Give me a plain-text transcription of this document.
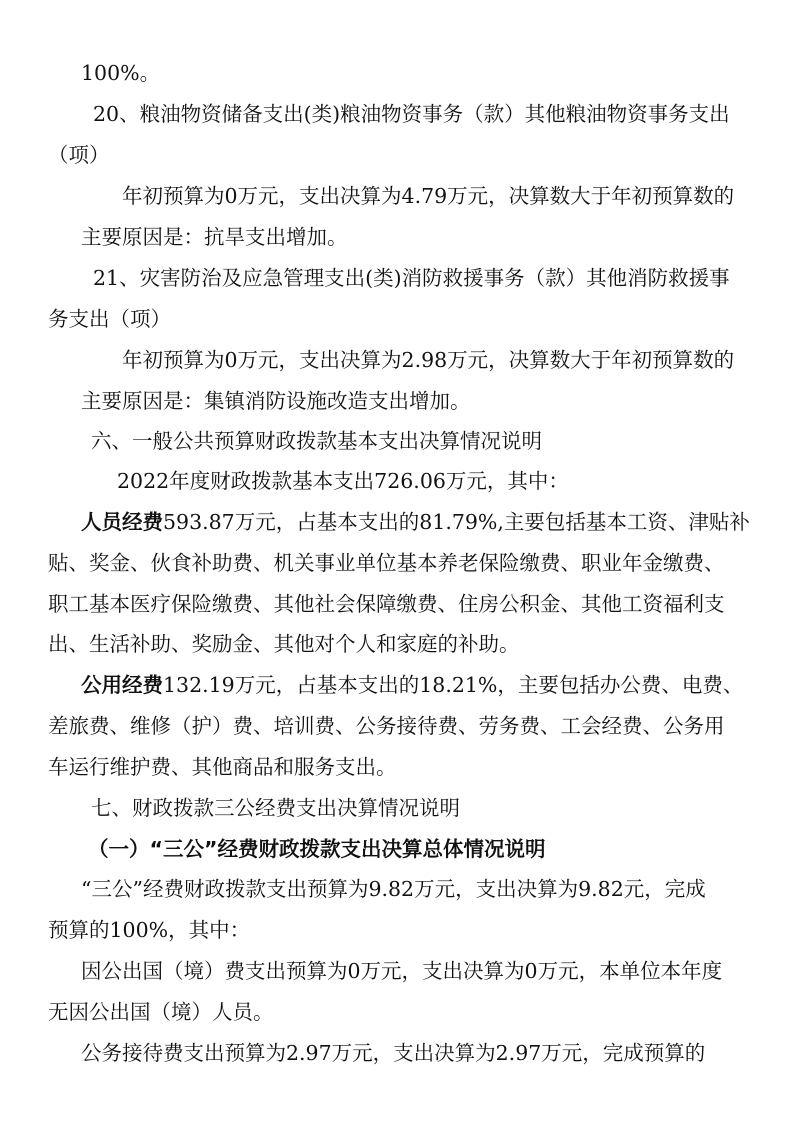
100%。
20、粮油物资储备支出(类)粮油物资事务（款）其他粮油物资事务支出
（项）
年初预算为0万元，支出决算为4.79万元，决算数大于年初预算数的
主要原因是：抗旱支出增加。
21、灾害防治及应急管理支出(类)消防救援事务（款）其他消防救援事
务支出（项）
年初预算为0万元，支出决算为2.98万元，决算数大于年初预算数的
主要原因是：集镇消防设施改造支出增加。
六、一般公共预算财政拨款基本支出决算情况说明
2022年度财政拨款基本支出726.06万元，其中：
人员经费593.87万元，占基本支出的81.79%,主要包括基本工资、津贴补
贴、奖金、伙食补助费、机关事业单位基本养老保险缴费、职业年金缴费、
职工基本医疗保险缴费、其他社会保障缴费、住房公积金、其他工资福利支
出、生活补助、奖励金、其他对个人和家庭的补助。
公用经费132.19万元，占基本支出的18.21%，主要包括办公费、电费、
差旅费、维修（护）费、培训费、公务接待费、劳务费、工会经费、公务用
车运行维护费、其他商品和服务支出。
七、财政拨款三公经费支出决算情况说明
（一）“三公”经费财政拨款支出决算总体情况说明
“三公”经费财政拨款支出预算为9.82万元，支出决算为9.82元，完成
预算的100%，其中：
因公出国（境）费支出预算为0万元，支出决算为0万元，本单位本年度
无因公出国（境）人员。
公务接待费支出预算为2.97万元，支出决算为2.97万元，完成预算的
